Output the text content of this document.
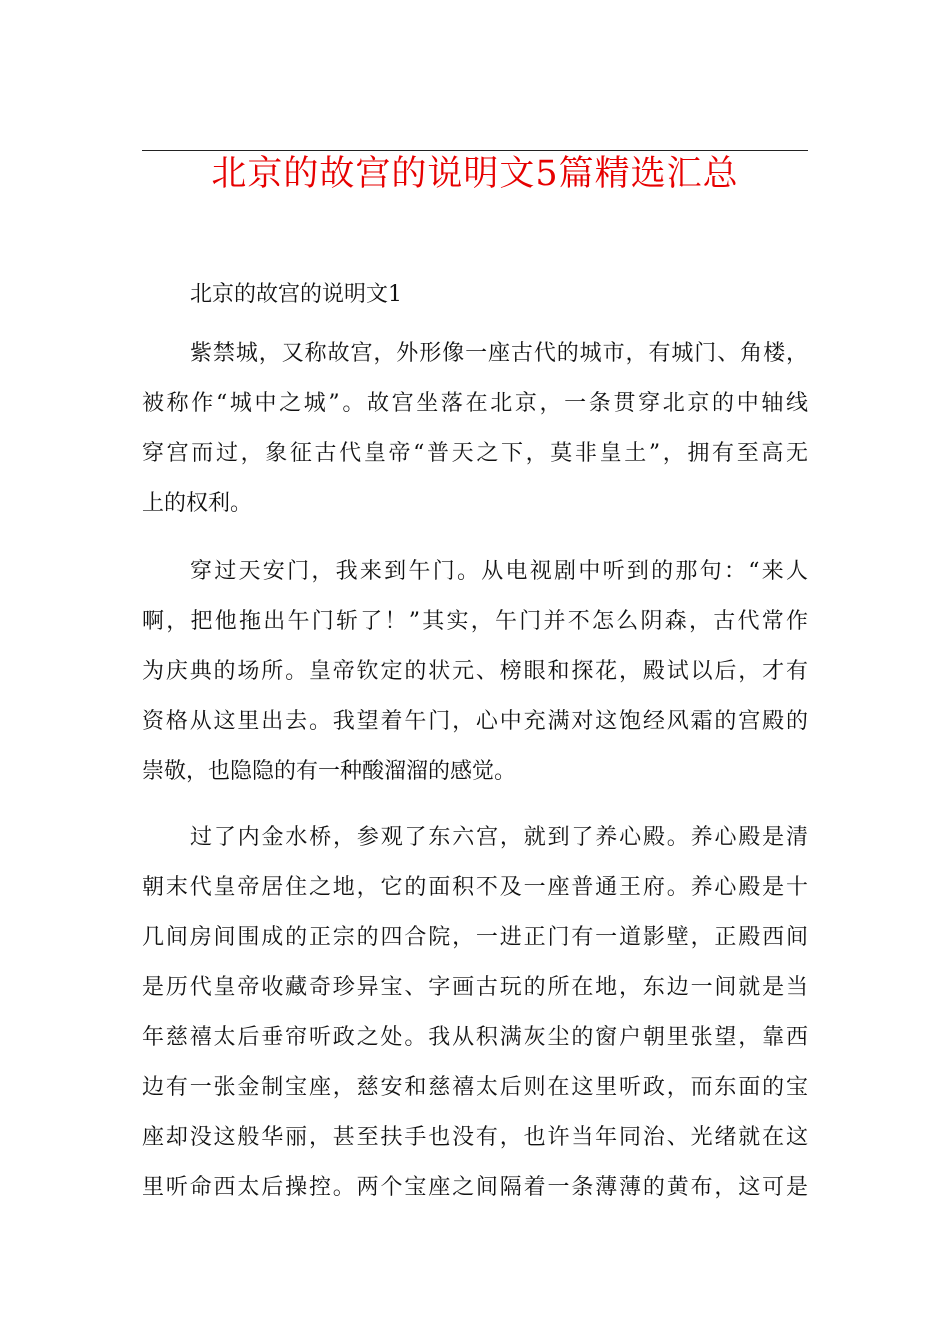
北京的故宫的说明文5篇精选汇总
北京的故宫的说明文1
紫禁城，又称故宫，外形像一座古代的城市，有城门、角楼，
被称作“城中之城”。故宫坐落在北京，一条贯穿北京的中轴线
穿宫而过，象征古代皇帝“普天之下，莫非皇土”，拥有至高无
上的权利。
穿过天安门，我来到午门。从电视剧中听到的那句：“来人
啊，把他拖出午门斩了！”其实，午门并不怎么阴森，古代常作
为庆典的场所。皇帝钦定的状元、榜眼和探花，殿试以后，才有
资格从这里出去。我望着午门，心中充满对这饱经风霜的宫殿的
崇敬，也隐隐的有一种酸溜溜的感觉。
过了内金水桥，参观了东六宫，就到了养心殿。养心殿是清
朝末代皇帝居住之地，它的面积不及一座普通王府。养心殿是十
几间房间围成的正宗的四合院，一进正门有一道影壁，正殿西间
是历代皇帝收藏奇珍异宝、字画古玩的所在地，东边一间就是当
年慈禧太后垂帘听政之处。我从积满灰尘的窗户朝里张望，靠西
边有一张金制宝座，慈安和慈禧太后则在这里听政，而东面的宝
座却没这般华丽，甚至扶手也没有，也许当年同治、光绪就在这
里听命西太后操控。两个宝座之间隔着一条薄薄的黄布，这可是
